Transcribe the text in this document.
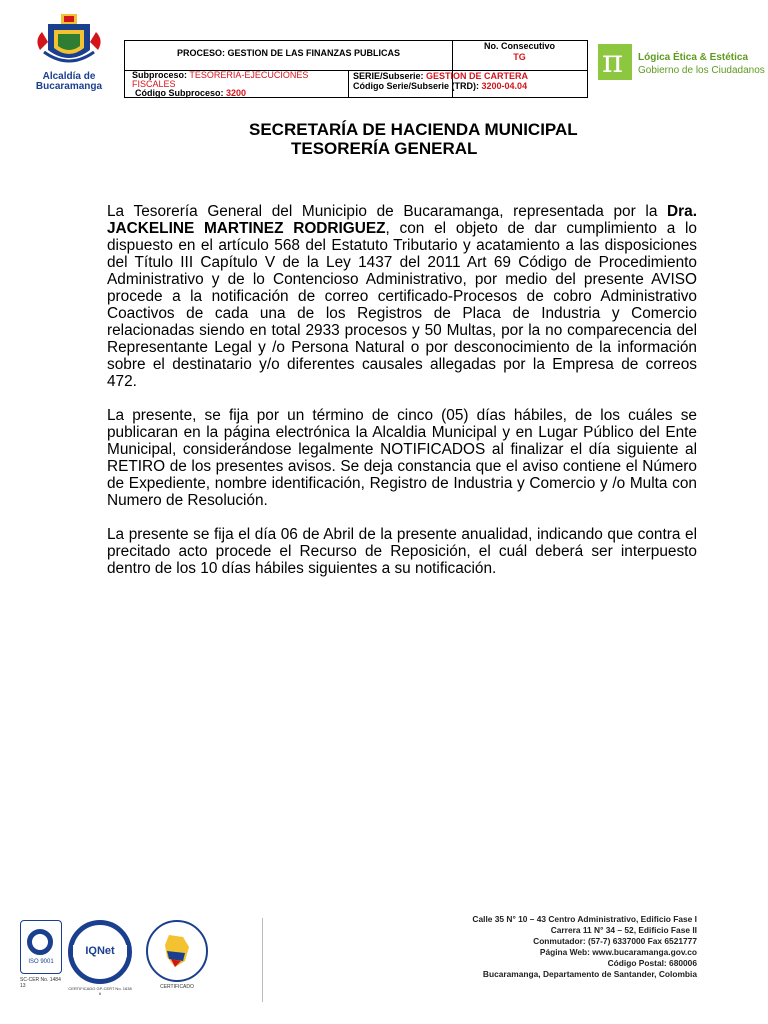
Alcaldía de
Bucaramanga
PROCESO: GESTION DE LAS FINANZAS PUBLICAS
No. Consecutivo
TG
Subproceso: TESORERIA-EJECUCIONES
FISCALES
Código Subproceso: 3200
SERIE/Subserie: GESTION DE CARTERA
Código Serie/Subserie (TRD): 3200-04.04
π Lógica Ética & Estética
Gobierno de los Ciudadanos
SECRETARÍA DE HACIENDA MUNICIPAL
TESORERÍA GENERAL

La Tesorería General del Municipio de Bucaramanga, representada por la Dra. JACKELINE MARTINEZ RODRIGUEZ, con el objeto de dar cumplimiento a lo dispuesto en el artículo 568 del Estatuto Tributario y acatamiento a las disposiciones del Título III Capítulo V de la Ley 1437 del 2011 Art 69 Código de Procedimiento Administrativo y de lo Contencioso Administrativo, por medio del presente AVISO procede a la notificación de correo certificado-Procesos de cobro Administrativo Coactivos de cada una de los Registros de Placa de Industria y Comercio relacionadas siendo en total 2933 procesos y 50 Multas, por la no comparecencia del Representante Legal y /o Persona Natural o por desconocimiento de la información sobre el destinatario y/o diferentes causales allegadas por la Empresa de correos 472.

La presente, se fija por un término de cinco (05) días hábiles, de los cuáles se publicaran en la página electrónica la Alcaldia Municipal y en Lugar Público del Ente Municipal, considerándose legalmente NOTIFICADOS al finalizar el día siguiente al RETIRO de los presentes avisos. Se deja constancia que el aviso contiene el Número de Expediente, nombre identificación, Registro de Industria y Comercio y /o Multa con Numero de Resolución.

La presente se fija el día 06 de Abril de la presente anualidad, indicando que contra el precitado acto procede el Recurso de Reposición, el cuál deberá ser interpuesto dentro de los 10 días hábiles siguientes a su notificación.

ISO 9001
SC-CER No. 1484 13
IQNet
CERTIFICADO GP-CERT No. 1638 6
CERTIFICADO
Calle 35 N° 10 – 43 Centro Administrativo, Edificio Fase I
Carrera 11 N° 34 – 52, Edificio Fase II
Conmutador: (57-7) 6337000 Fax 6521777
Página Web: www.bucaramanga.gov.co
Código Postal: 680006
Bucaramanga, Departamento de Santander, Colombia
